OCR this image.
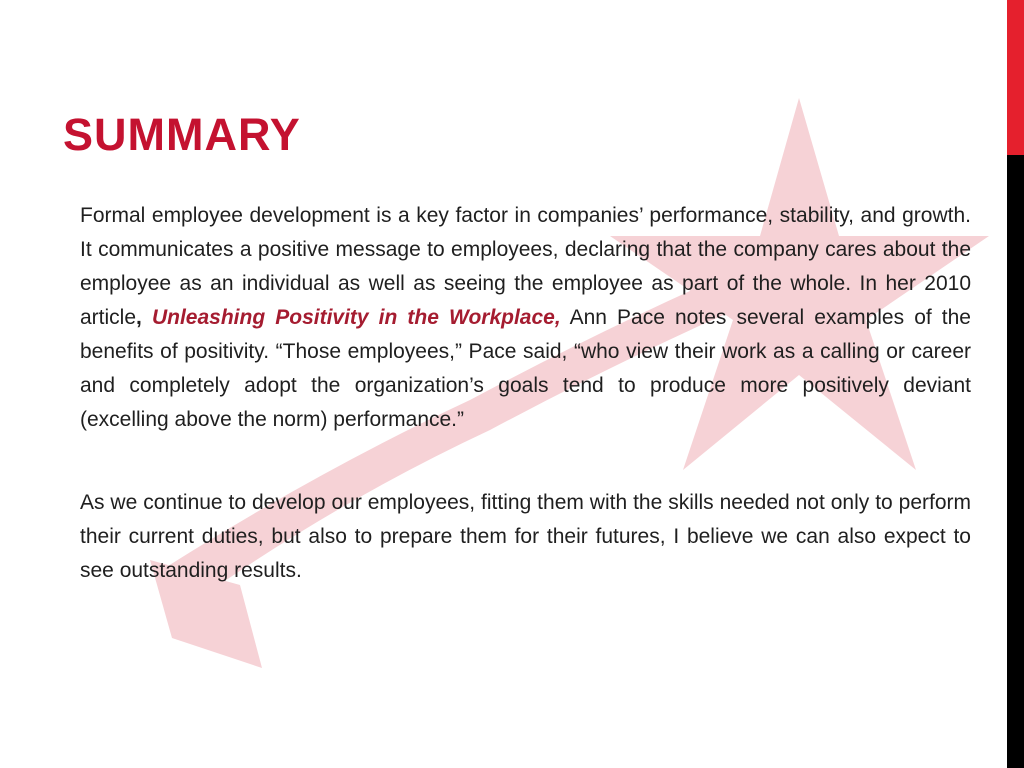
SUMMARY

Formal employee development is a key factor in companies’ performance, stability, and growth. It communicates a positive message to employees, declaring that the company cares about the employee as an individual as well as seeing the employee as part of the whole. In her 2010 article, Unleashing Positivity in the Workplace, Ann Pace notes several examples of the benefits of positivity. “Those employees,” Pace said, “who view their work as a calling or career and completely adopt the organization’s goals tend to produce more positively deviant (excelling above the norm) performance.”

As we continue to develop our employees, fitting them with the skills needed not only to perform their current duties, but also to prepare them for their futures, I believe we can also expect to see outstanding results.
